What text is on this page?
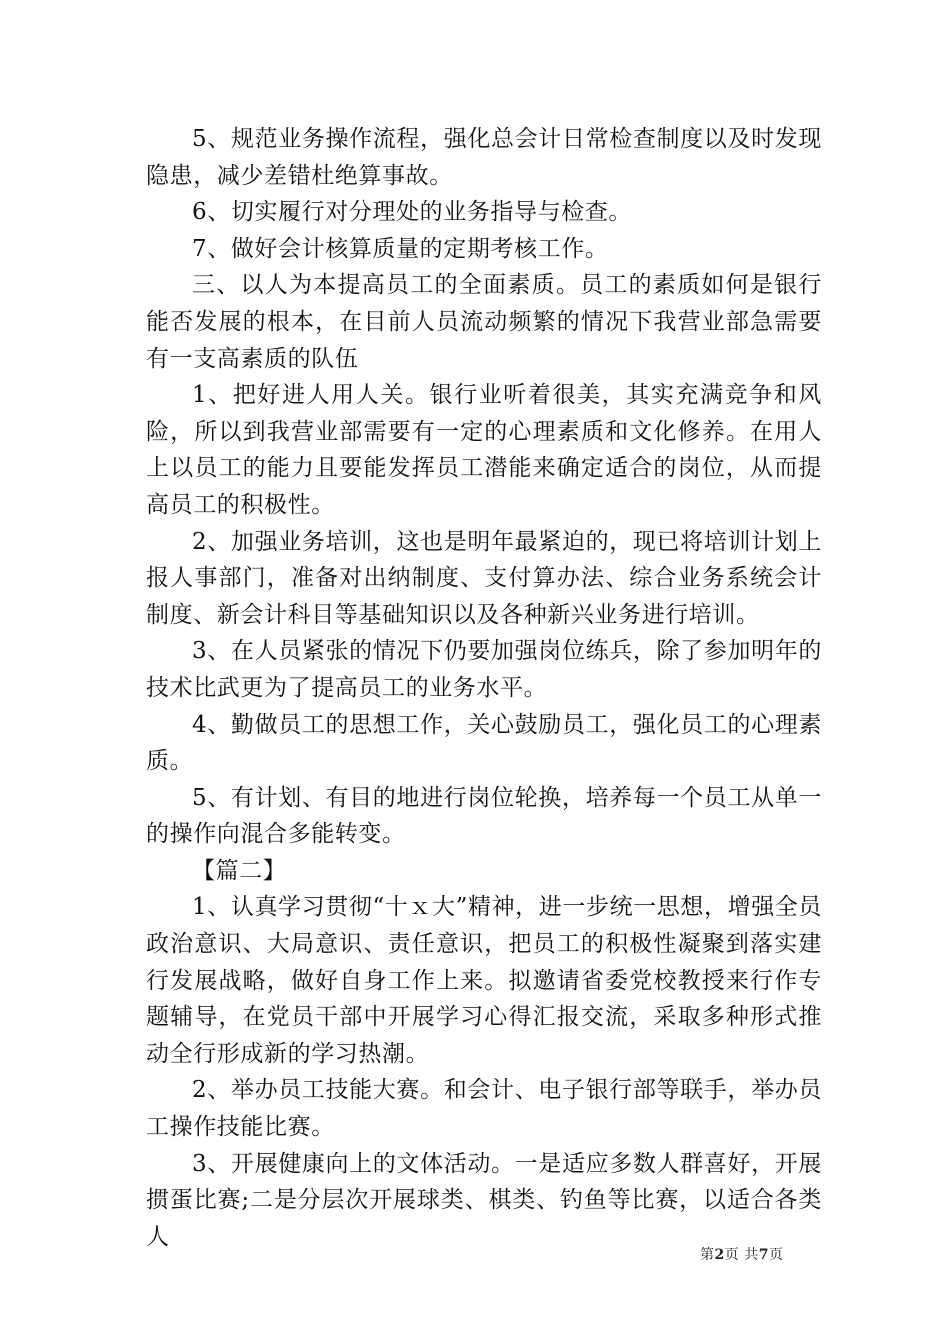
5、规范业务操作流程，强化总会计日常检查制度以及时发现隐患，减少差错杜绝算事故。

6、切实履行对分理处的业务指导与检查。

7、做好会计核算质量的定期考核工作。

三、以人为本提高员工的全面素质。员工的素质如何是银行能否发展的根本，在目前人员流动频繁的情况下我营业部急需要有一支高素质的队伍

1、把好进人用人关。银行业听着很美，其实充满竞争和风险，所以到我营业部需要有一定的心理素质和文化修养。在用人上以员工的能力且要能发挥员工潜能来确定适合的岗位，从而提高员工的积极性。

2、加强业务培训，这也是明年最紧迫的，现已将培训计划上报人事部门，准备对出纳制度、支付算办法、综合业务系统会计制度、新会计科目等基础知识以及各种新兴业务进行培训。

3、在人员紧张的情况下仍要加强岗位练兵，除了参加明年的技术比武更为了提高员工的业务水平。

4、勤做员工的思想工作，关心鼓励员工，强化员工的心理素质。

5、有计划、有目的地进行岗位轮换，培养每一个员工从单一的操作向混合多能转变。

【篇二】

1、认真学习贯彻“十ｘ大”精神，进一步统一思想，增强全员政治意识、大局意识、责任意识，把员工的积极性凝聚到落实建行发展战略，做好自身工作上来。拟邀请省委党校教授来行作专题辅导，在党员干部中开展学习心得汇报交流，采取多种形式推动全行形成新的学习热潮。

2、举办员工技能大赛。和会计、电子银行部等联手，举办员工操作技能比赛。

3、开展健康向上的文体活动。一是适应多数人群喜好，开展掼蛋比赛;二是分层次开展球类、棋类、钓鱼等比赛，以适合各类人

第2页 共7页
